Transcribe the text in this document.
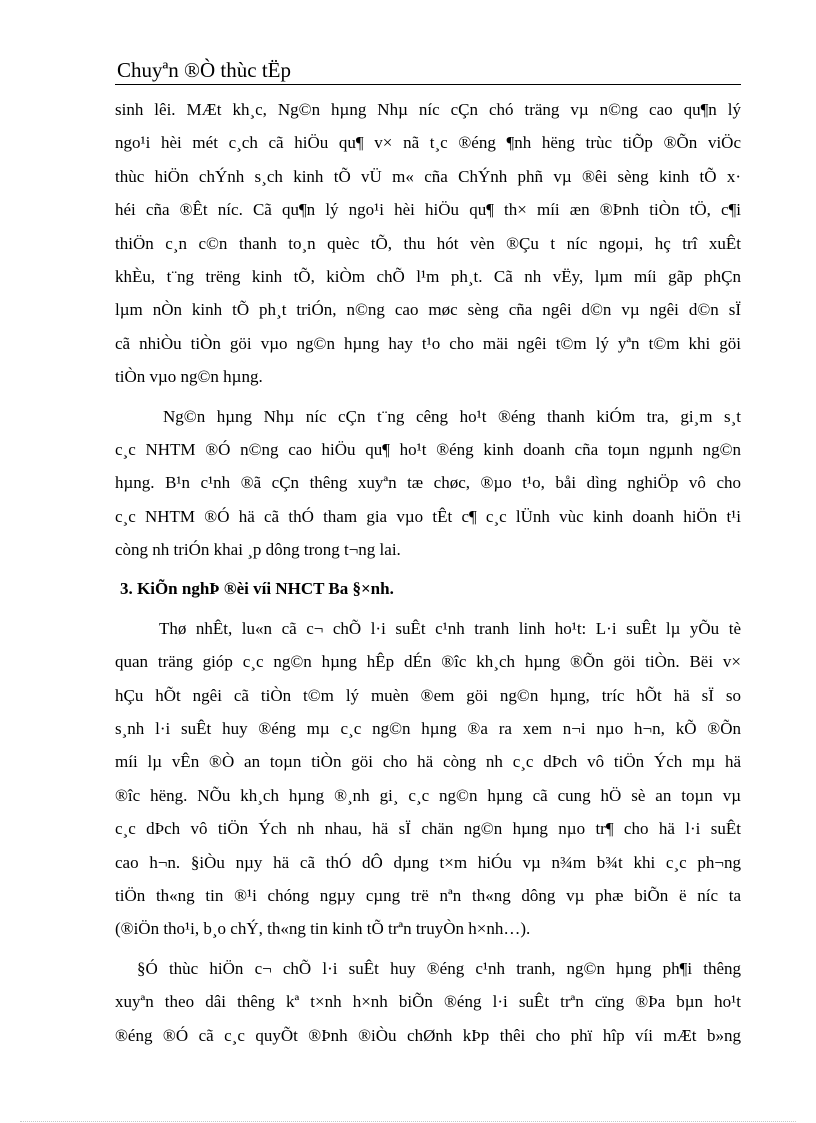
Chuyªn ®Ò thùc tËp
sinh lêi. MÆt kh¸c, Ng©n hµng Nhµ níc cÇn chó träng vµ n©ng cao qu¶n lý
ngo¹i hèi mét c¸ch cã hiÖu qu¶ v× nã t¸c ®éng ¶nh hëng trùc tiÕp ®Õn viÖc
thùc hiÖn chÝnh s¸ch kinh tÕ vÜ m« cña ChÝnh phñ vµ ®êi sèng kinh tÕ x·
héi cña ®Êt níc. Cã qu¶n lý ngo¹i hèi hiÖu qu¶ th× míi æn ®Þnh tiÒn tÖ, c¶i
thiÖn c¸n c©n thanh to¸n quèc tÕ, thu hót vèn ®Çu t níc ngoµi, hç trî xuÊt
khÈu, t¨ng trëng kinh tÕ, kiÒm chÕ l¹m ph¸t. Cã nh vËy, lµm míi gãp phÇn
lµm nÒn kinh tÕ ph¸t triÓn, n©ng cao møc sèng cña ngêi d©n vµ ngêi d©n sÏ
cã nhiÒu tiÒn göi vµo ng©n hµng hay t¹o cho mäi ngêi t©m lý yªn t©m khi göi
tiÒn vµo ng©n hµng.
Ng©n hµng Nhµ níc cÇn t¨ng cêng ho¹t ®éng thanh kiÓm tra, gi¸m s¸t
c¸c NHTM ®Ó n©ng cao hiÖu qu¶ ho¹t ®éng kinh doanh cña toµn ngµnh ng©n
hµng. B¹n c¹nh ®ã cÇn thêng xuyªn tæ chøc, ®µo t¹o, båi dìng nghiÖp vô cho
c¸c NHTM ®Ó hä cã thÓ tham gia vµo tÊt c¶ c¸c lÜnh vùc kinh doanh hiÖn t¹i
còng nh triÓn khai ¸p dông trong t¬ng lai.
3. KiÕn nghÞ ®èi víi NHCT Ba §×nh.
Thø nhÊt, lu«n cã c¬ chÕ l·i suÊt c¹nh tranh linh ho¹t: L·i suÊt lµ yÕu tè
quan träng gióp c¸c ng©n hµng hÊp dÉn ®îc kh¸ch hµng ®Õn göi tiÒn. Bëi v×
hÇu hÕt ngêi cã tiÒn t©m lý muèn ®em göi ng©n hµng, tríc hÕt hä sÏ so
s¸nh l·i suÊt huy ®éng mµ c¸c ng©n hµng ®a ra xem n¬i nµo h¬n, kÕ ®Õn
míi lµ vÊn ®Ò an toµn tiÒn göi cho hä còng nh c¸c dÞch vô tiÖn Ých mµ hä
®îc hëng. NÕu kh¸ch hµng ®¸nh gi¸ c¸c ng©n hµng cã cung hÖ sè an toµn vµ
c¸c dÞch vô tiÖn Ých nh nhau, hä sÏ chän ng©n hµng nµo tr¶ cho hä l·i suÊt
cao h¬n. §iÒu nµy hä cã thÓ dÔ dµng t×m hiÓu vµ n¾m b¾t khi c¸c ph¬ng
tiÖn th«ng tin ®¹i chóng ngµy cµng trë nªn th«ng dông vµ phæ biÕn ë níc ta
(®iÖn tho¹i, b¸o chÝ, th«ng tin kinh tÕ trªn truyÒn h×nh…).
§Ó thùc hiÖn c¬ chÕ l·i suÊt huy ®éng c¹nh tranh, ng©n hµng ph¶i thêng
xuyªn theo dâi thêng kª t×nh h×nh biÕn ®éng l·i suÊt trªn cïng ®Þa bµn ho¹t
®éng ®Ó cã c¸c quyÕt ®Þnh ®iÒu chØnh kÞp thêi cho phï hîp víi mÆt b»ng
